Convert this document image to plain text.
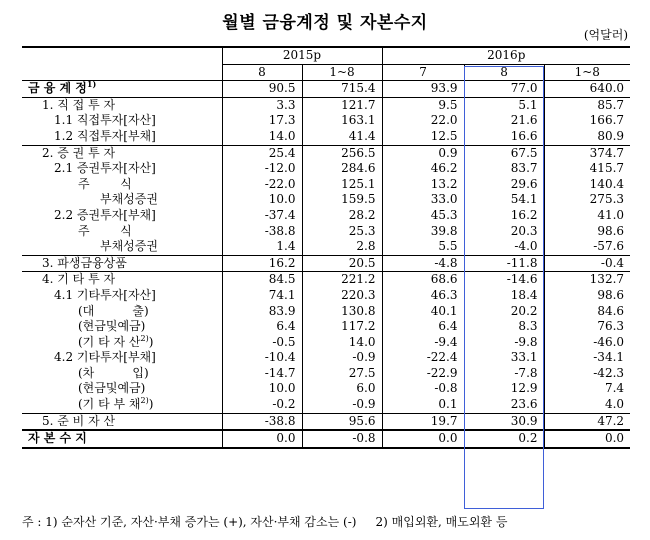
월별 금융계정 및 자본수지
(억달러)
	2015p		2016p		
	8	1~8	7	8	1~8
금 융 계 정$^{1)}$	90.5	715.4	93.9	77.0	640.0
1. 직 접 투 자	3.3	121.7	9.5	5.1	85.7
1.1 직접투자[자산]	17.3	163.1	22.0	21.6	166.7
1.2 직접투자[부채]	14.0	41.4	12.5	16.6	80.9
2. 증 권 투 자	25.4	256.5	0.9	67.5	374.7
2.1 증권투자[자산]	-12.0	284.6	46.2	83.7	415.7
주        식	-22.0	125.1	13.2	29.6	140.4
부채성증권	10.0	159.5	33.0	54.1	275.3
2.2 증권투자[부채]	-37.4	28.2	45.3	16.2	41.0
주        식	-38.8	25.3	39.8	20.3	98.6
부채성증권	1.4	2.8	5.5	-4.0	-57.6
3. 파생금융상품	16.2	20.5	-4.8	-11.8	-0.4
4. 기 타 투 자	84.5	221.2	68.6	-14.6	132.7
4.1 기타투자[자산]	74.1	220.3	46.3	18.4	98.6
(대          출)	83.9	130.8	40.1	20.2	84.6
(현금및예금)	6.4	117.2	6.4	8.3	76.3
(기 타 자 산$^{2)}$)	-0.5	14.0	-9.4	-9.8	-46.0
4.2 기타투자[부채]	-10.4	-0.9	-22.4	33.1	-34.1
(차          입)	-14.7	27.5	-22.9	-7.8	-42.3
(현금및예금)	10.0	6.0	-0.8	12.9	7.4
(기 타 부 채$^{2)}$)	-0.2	-0.9	0.1	23.6	4.0
5. 준 비 자 산	-38.8	95.6	19.7	30.9	47.2
자 본 수 지	0.0	-0.8	0.0	0.2	0.0
주 : 1) 순자산 기준, 자산·부채 증가는 (+), 자산·부채 감소는 (-)     2) 매입외환, 매도외환 등
